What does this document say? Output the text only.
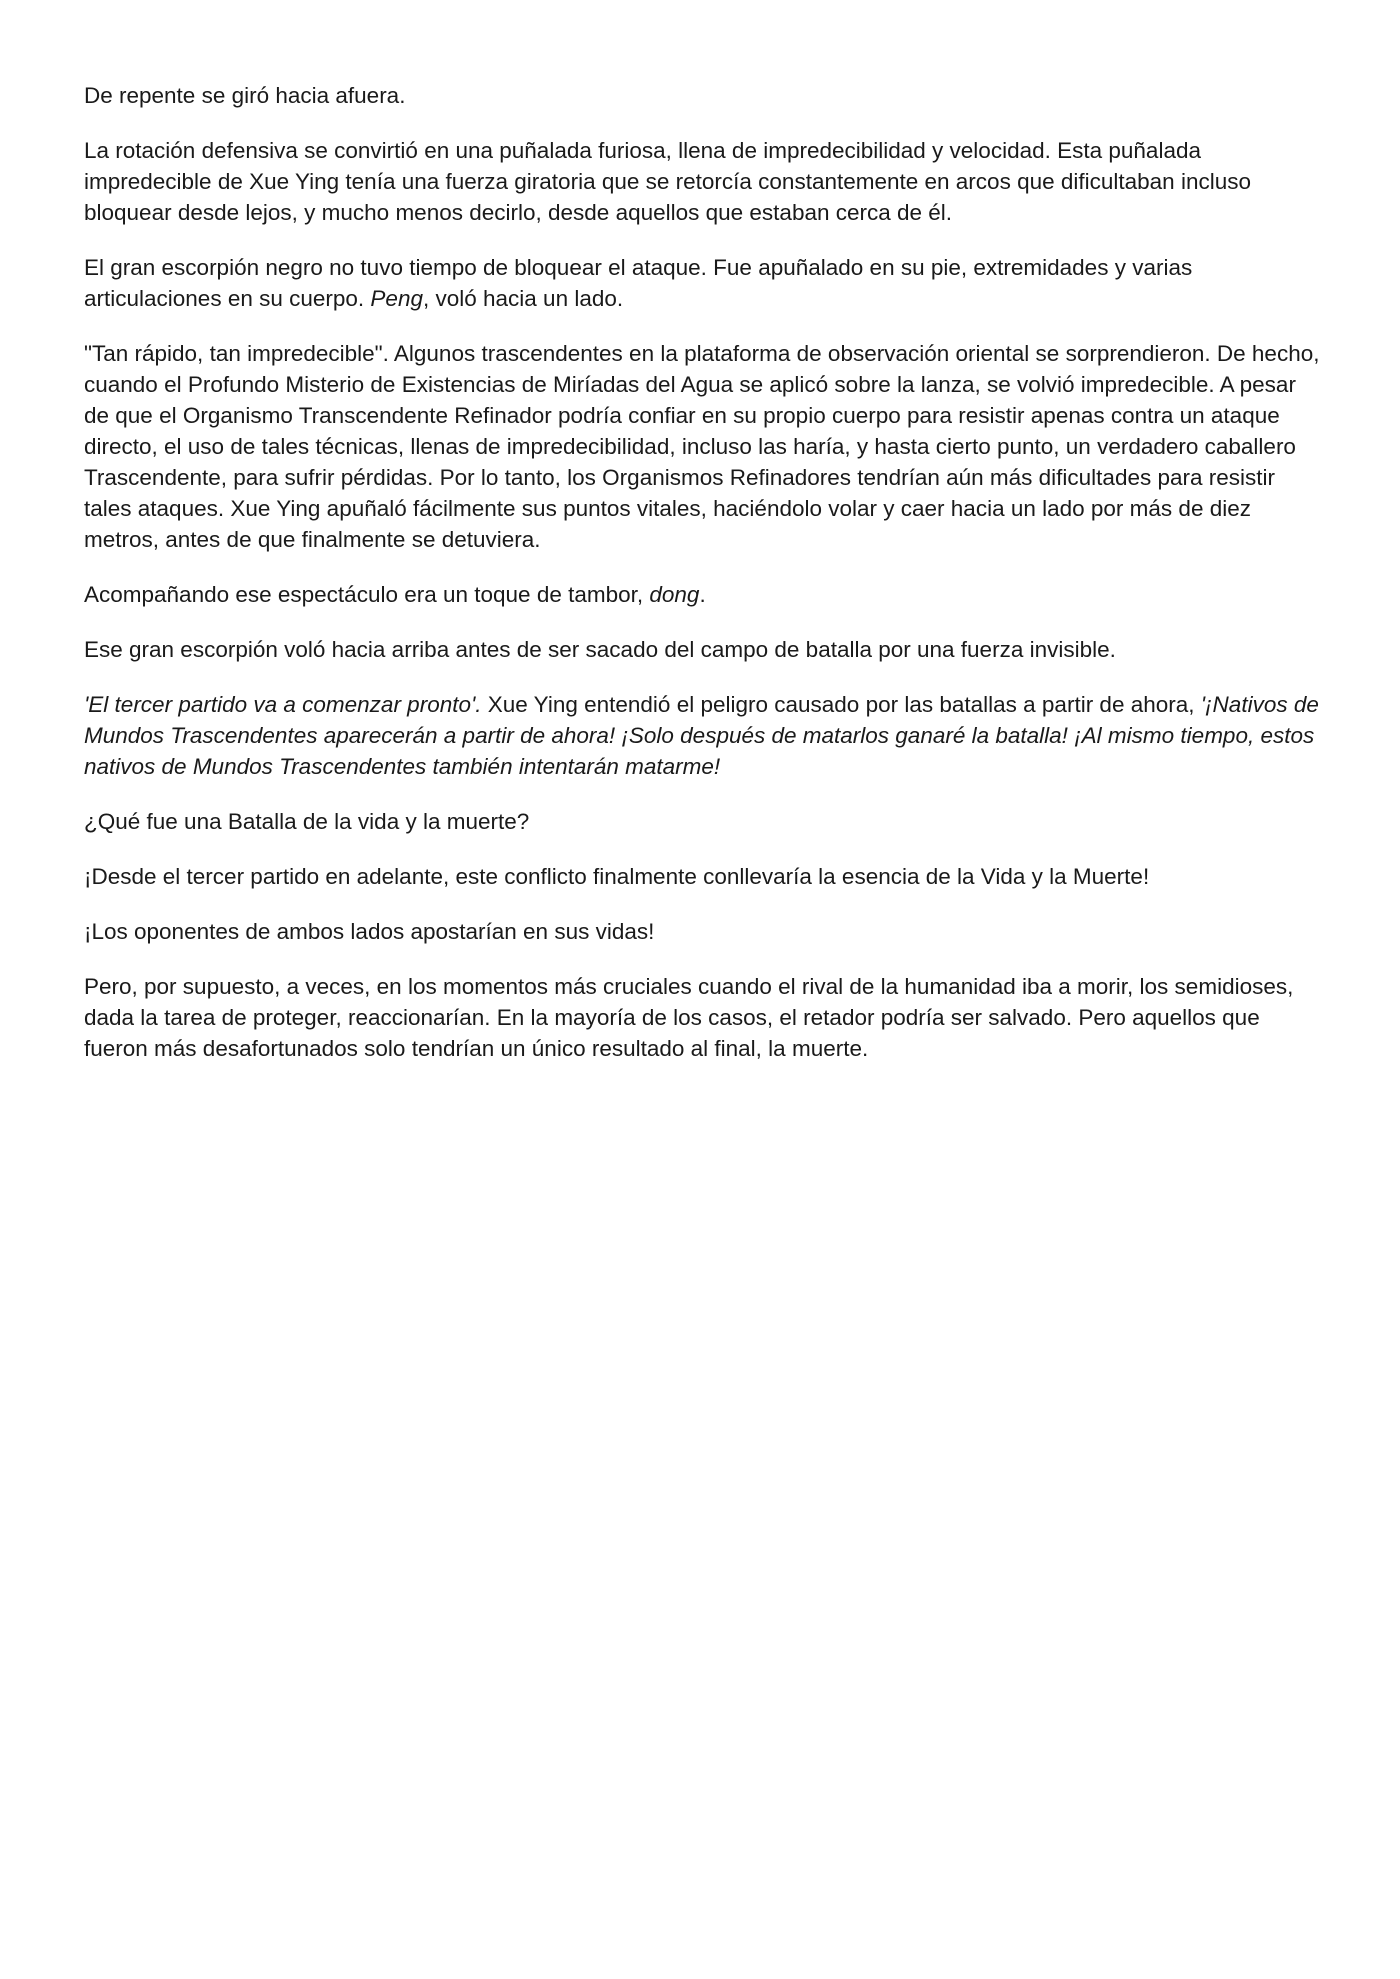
De repente se giró hacia afuera.

La rotación defensiva se convirtió en una puñalada furiosa, llena de impredecibilidad y velocidad. Esta puñalada impredecible de Xue Ying tenía una fuerza giratoria que se retorcía constantemente en arcos que dificultaban incluso bloquear desde lejos, y mucho menos decirlo, desde aquellos que estaban cerca de él.

El gran escorpión negro no tuvo tiempo de bloquear el ataque. Fue apuñalado en su pie, extremidades y varias articulaciones en su cuerpo. Peng, voló hacia un lado.

"Tan rápido, tan impredecible". Algunos trascendentes en la plataforma de observación oriental se sorprendieron. De hecho, cuando el Profundo Misterio de Existencias de Miríadas del Agua se aplicó sobre la lanza, se volvió impredecible. A pesar de que el Organismo Transcendente Refinador podría confiar en su propio cuerpo para resistir apenas contra un ataque directo, el uso de tales técnicas, llenas de impredecibilidad, incluso las haría, y hasta cierto punto, un verdadero caballero Trascendente, para sufrir pérdidas. Por lo tanto, los Organismos Refinadores tendrían aún más dificultades para resistir tales ataques. Xue Ying apuñaló fácilmente sus puntos vitales, haciéndolo volar y caer hacia un lado por más de diez metros, antes de que finalmente se detuviera.

Acompañando ese espectáculo era un toque de tambor, dong.

Ese gran escorpión voló hacia arriba antes de ser sacado del campo de batalla por una fuerza invisible.

'El tercer partido va a comenzar pronto'. Xue Ying entendió el peligro causado por las batallas a partir de ahora, '¡Nativos de Mundos Trascendentes aparecerán a partir de ahora! ¡Solo después de matarlos ganaré la batalla! ¡Al mismo tiempo, estos nativos de Mundos Trascendentes también intentarán matarme!

¿Qué fue una Batalla de la vida y la muerte?

¡Desde el tercer partido en adelante, este conflicto finalmente conllevaría la esencia de la Vida y la Muerte!

¡Los oponentes de ambos lados apostarían en sus vidas!

Pero, por supuesto, a veces, en los momentos más cruciales cuando el rival de la humanidad iba a morir, los semidioses, dada la tarea de proteger, reaccionarían. En la mayoría de los casos, el retador podría ser salvado. Pero aquellos que fueron más desafortunados solo tendrían un único resultado al final, la muerte.
